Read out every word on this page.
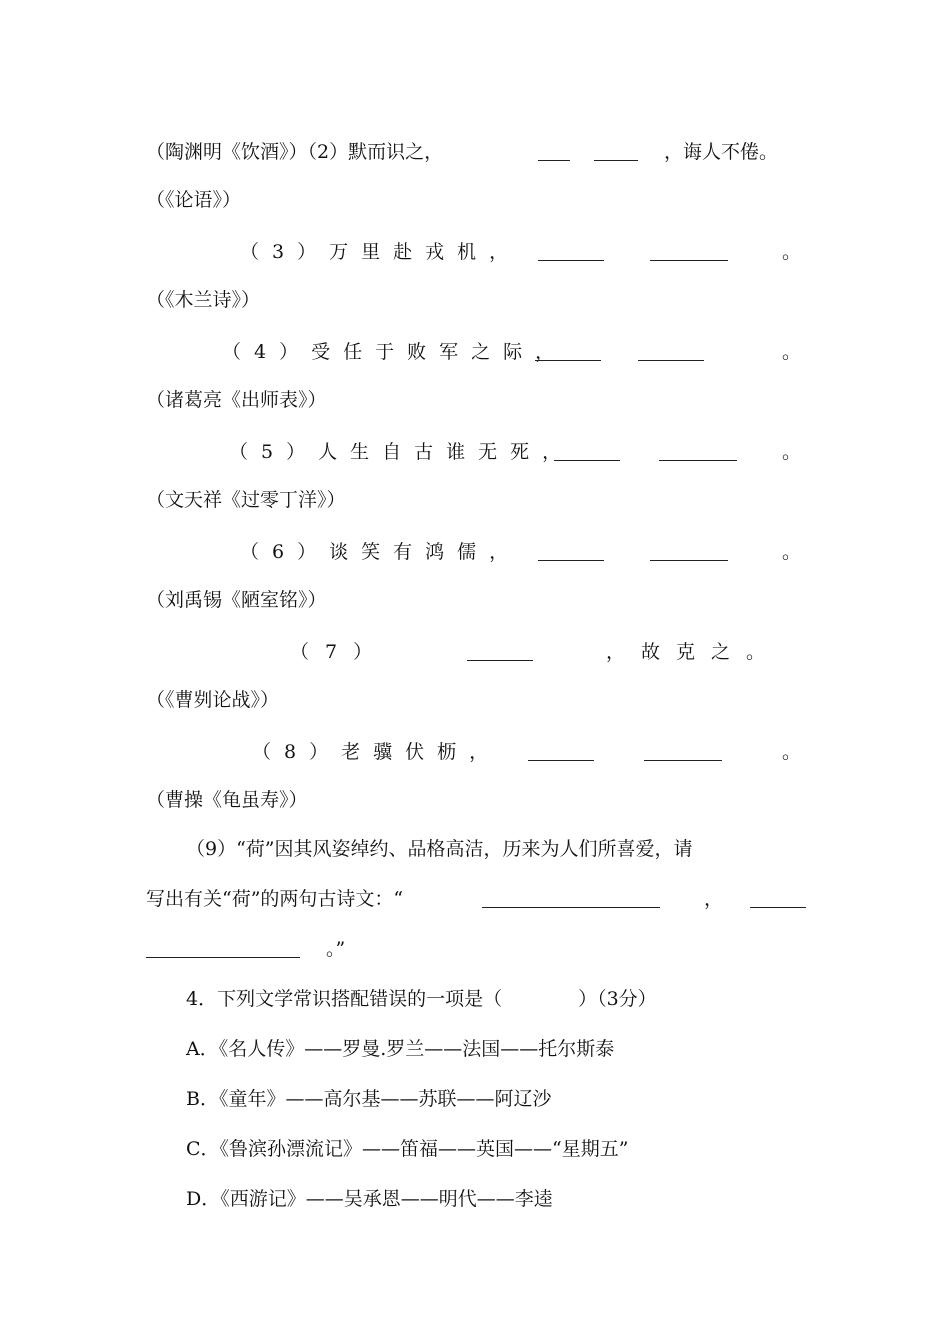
（陶渊明《饮酒》）（2）默而识之，	，诲人不倦。
（《论语》）
（3）万里赴戎机，	。
（《木兰诗》）
（4）受任于败军之际，	。
（诸葛亮《出师表》）
（5）人生自古谁无死，	。
（文天祥《过零丁洋》）
（6）谈笑有鸿儒，	。
（刘禹锡《陋室铭》）
（7）	，故克之。
（《曹刿论战》）
（8）老骥伏枥，	。
（曹操《龟虽寿》）
（9）“荷”因其风姿绰约、品格高洁，历来为人们所喜爱，请
写出有关“荷”的两句古诗文：“	，
。”
4．下列文学常识搭配错误的一项是（　　　　）（3分）
A．《名人传》——罗曼.罗兰——法国——托尔斯泰
B．《童年》——高尔基——苏联——阿辽沙
C．《鲁滨孙漂流记》——笛福——英国——“星期五”
D．《西游记》——吴承恩——明代——李逵
